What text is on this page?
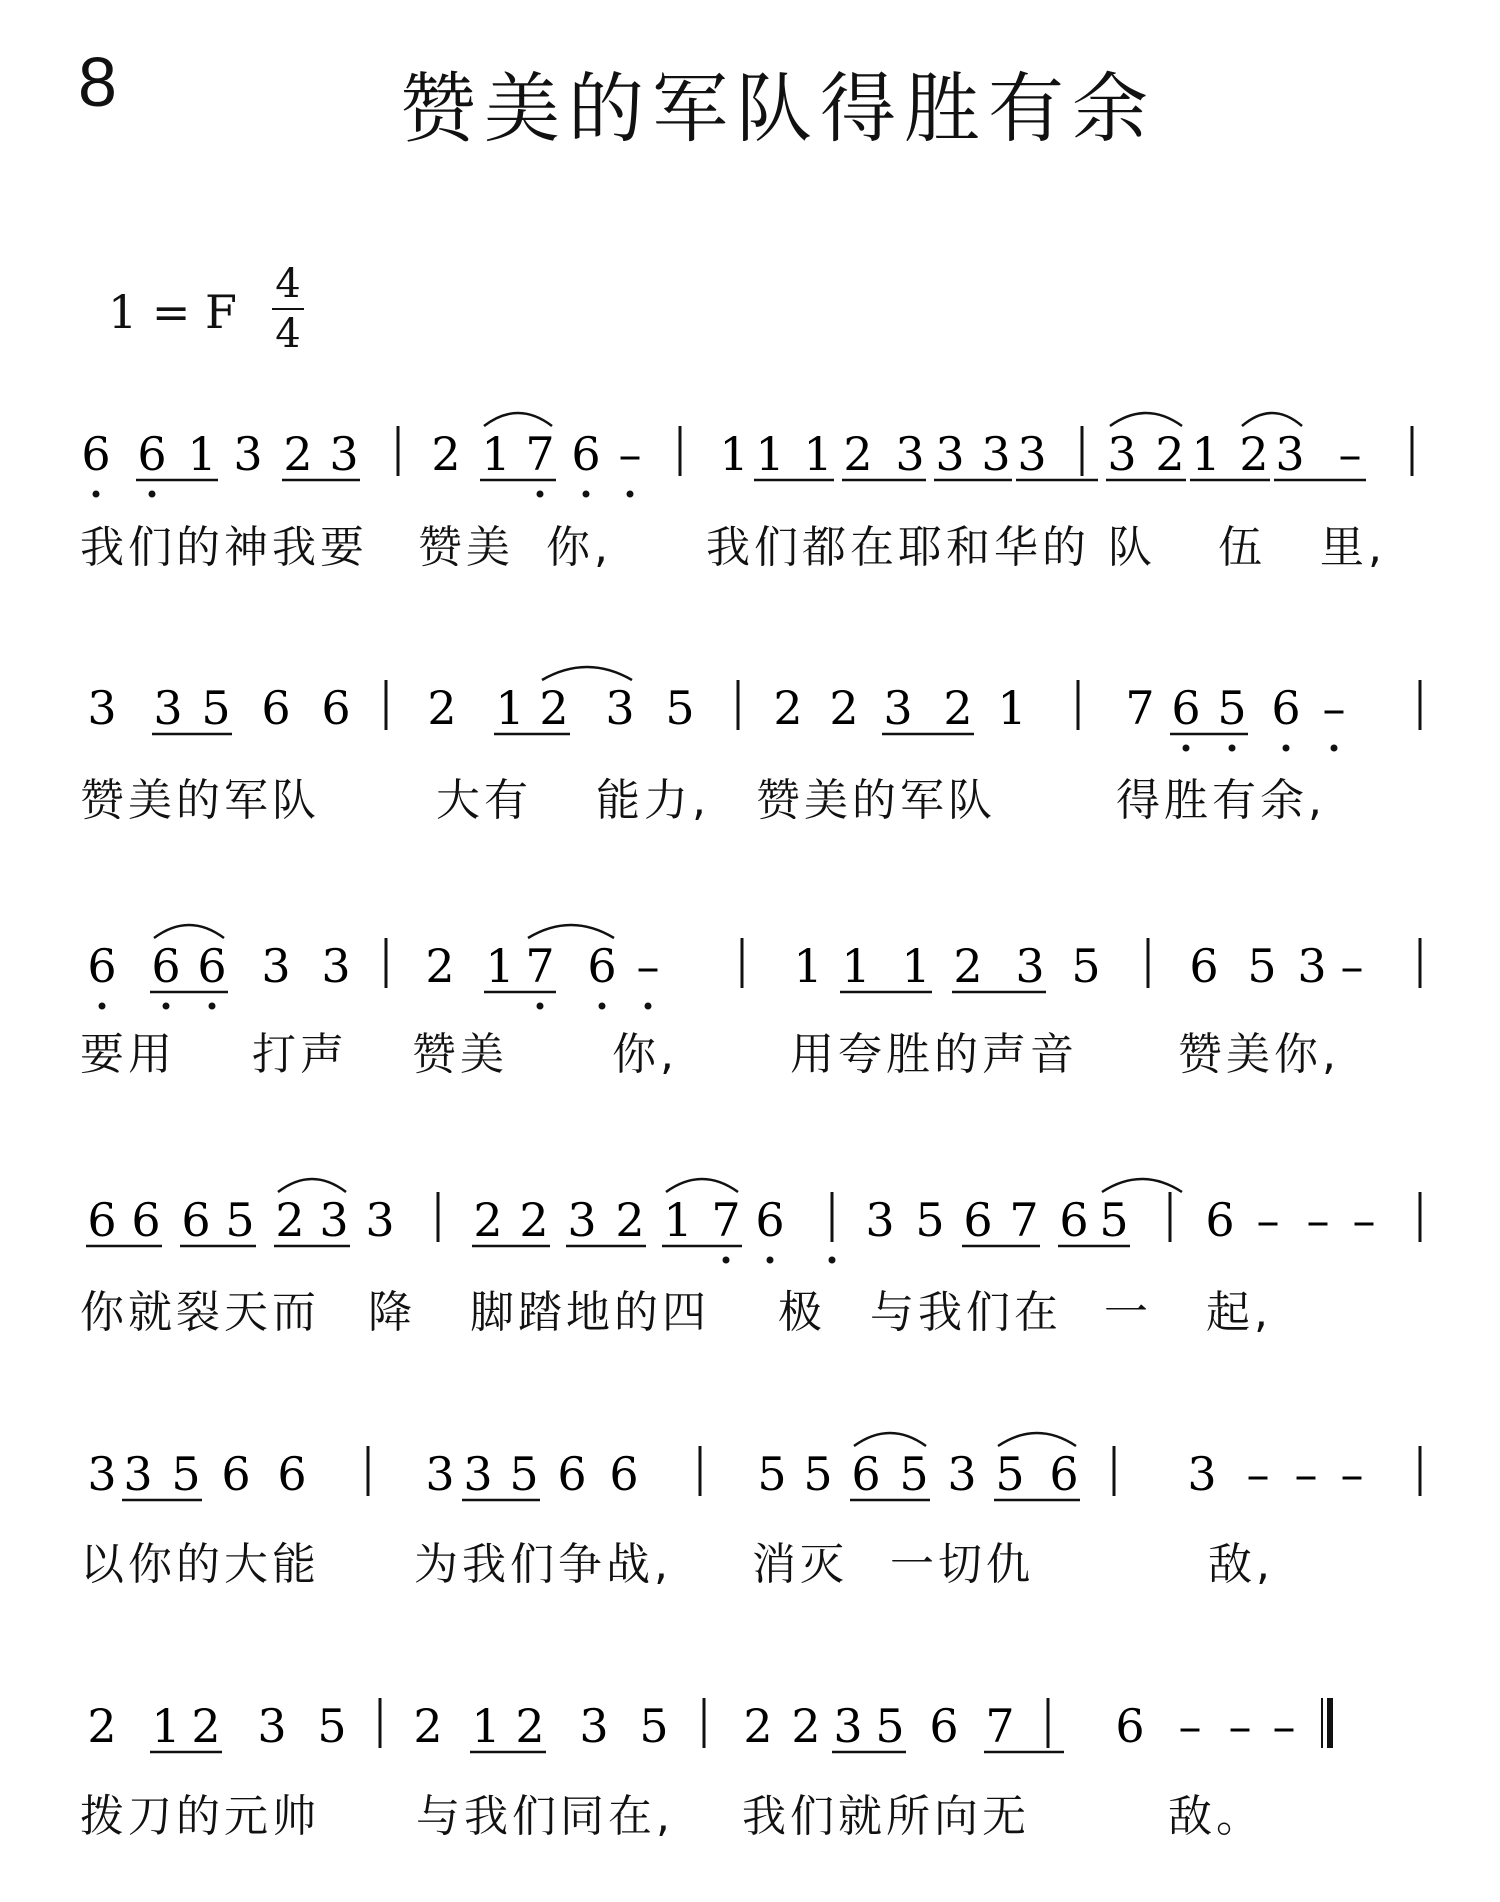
8	赞美的军队得胜有余
1 = F
4
4
6 6 1 3 2 3 2 1 7 6 – 1 1 1 2 3 3 3 3 3 2 1 2 3 –
我们的神我要 赞美 你, 我们都在耶和华的 队 伍 里,
3 3 5 6 6 2 1 2 3 5 2 2 3 2 1 7 6 5 6 –
赞美的军队	大有 能力, 赞美的军队	得胜有余,
6 6 6 3 3 2 1 7 6 –	1 1 1 2 3 5 6 5 3 –
要用 打声 赞美 你,	用夸胜的声音 赞美你,
6 6 6 5 2 3 3 2 2 3 2 1 7 6 3 5 6 7 6 5 6 – – –
你就裂天而 降 脚踏地的四 极 与我们在 一 起,
3 3 5 6 6	3 3 5 6 6	5 5 6 5 3 5 6 3 – – –
以你的大能 为我们争战, 消灭 一切仇	敌,
2 1 2 3 5 2 1 2 3 5 2 2 3 5 6 7 6 – – –
拨刀的元帅 与我们同在, 我们就所向无	敌。
